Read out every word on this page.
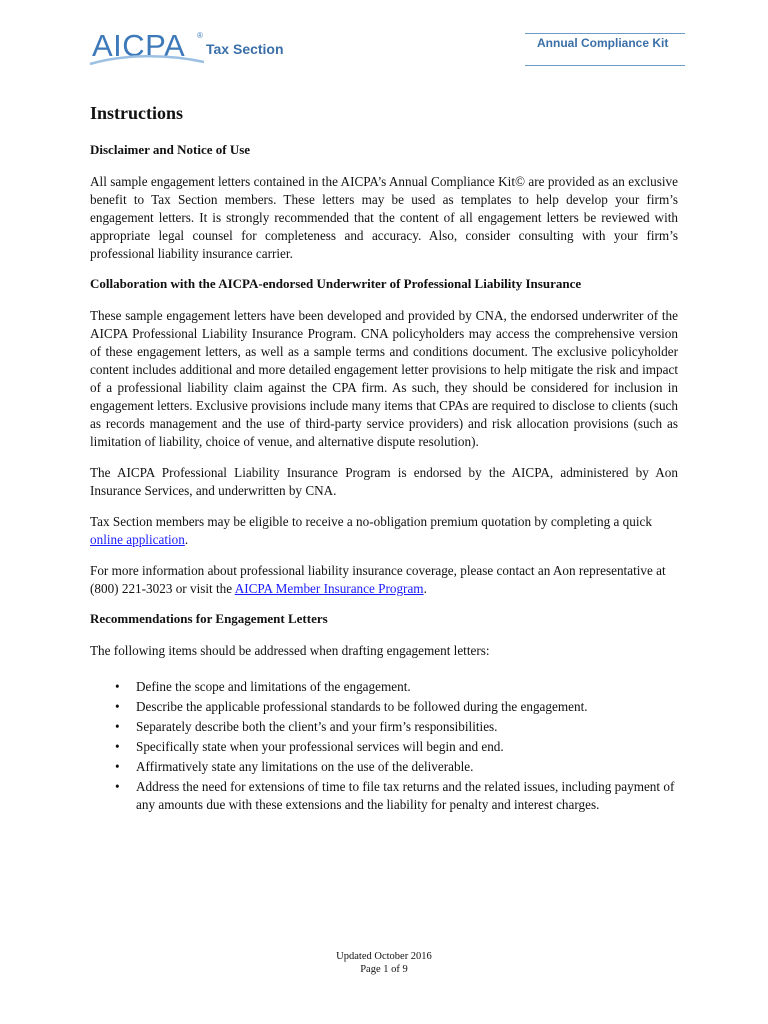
AICPA ®
Tax Section	Annual Compliance Kit
Instructions
Disclaimer and Notice of Use

All sample engagement letters contained in the AICPA’s Annual Compliance Kit© are provided as an exclusive benefit to Tax Section members. These letters may be used as templates to help develop your firm’s engagement letters. It is strongly recommended that the content of all engagement letters be reviewed with appropriate legal counsel for completeness and accuracy. Also, consider consulting with your firm’s professional liability insurance carrier.

Collaboration with the AICPA-endorsed Underwriter of Professional Liability Insurance

These sample engagement letters have been developed and provided by CNA, the endorsed underwriter of the AICPA Professional Liability Insurance Program. CNA policyholders may access the comprehensive version of these engagement letters, as well as a sample terms and conditions document. The exclusive policyholder content includes additional and more detailed engagement letter provisions to help mitigate the risk and impact of a professional liability claim against the CPA firm. As such, they should be considered for inclusion in engagement letters. Exclusive provisions include many items that CPAs are required to disclose to clients (such as records management and the use of third-party service providers) and risk allocation provisions (such as limitation of liability, choice of venue, and alternative dispute resolution).

The AICPA Professional Liability Insurance Program is endorsed by the AICPA, administered by Aon Insurance Services, and underwritten by CNA.

Tax Section members may be eligible to receive a no-obligation premium quotation by completing a quick online application.

For more information about professional liability insurance coverage, please contact an Aon representative at (800) 221-3023 or visit the AICPA Member Insurance Program.

Recommendations for Engagement Letters

The following items should be addressed when drafting engagement letters:

• Define the scope and limitations of the engagement.
• Describe the applicable professional standards to be followed during the engagement.
• Separately describe both the client’s and your firm’s responsibilities.
• Specifically state when your professional services will begin and end.
• Affirmatively state any limitations on the use of the deliverable.
• Address the need for extensions of time to file tax returns and the related issues, including payment of any amounts due with these extensions and the liability for penalty and interest charges.
Updated October 2016
Page 1 of 9
